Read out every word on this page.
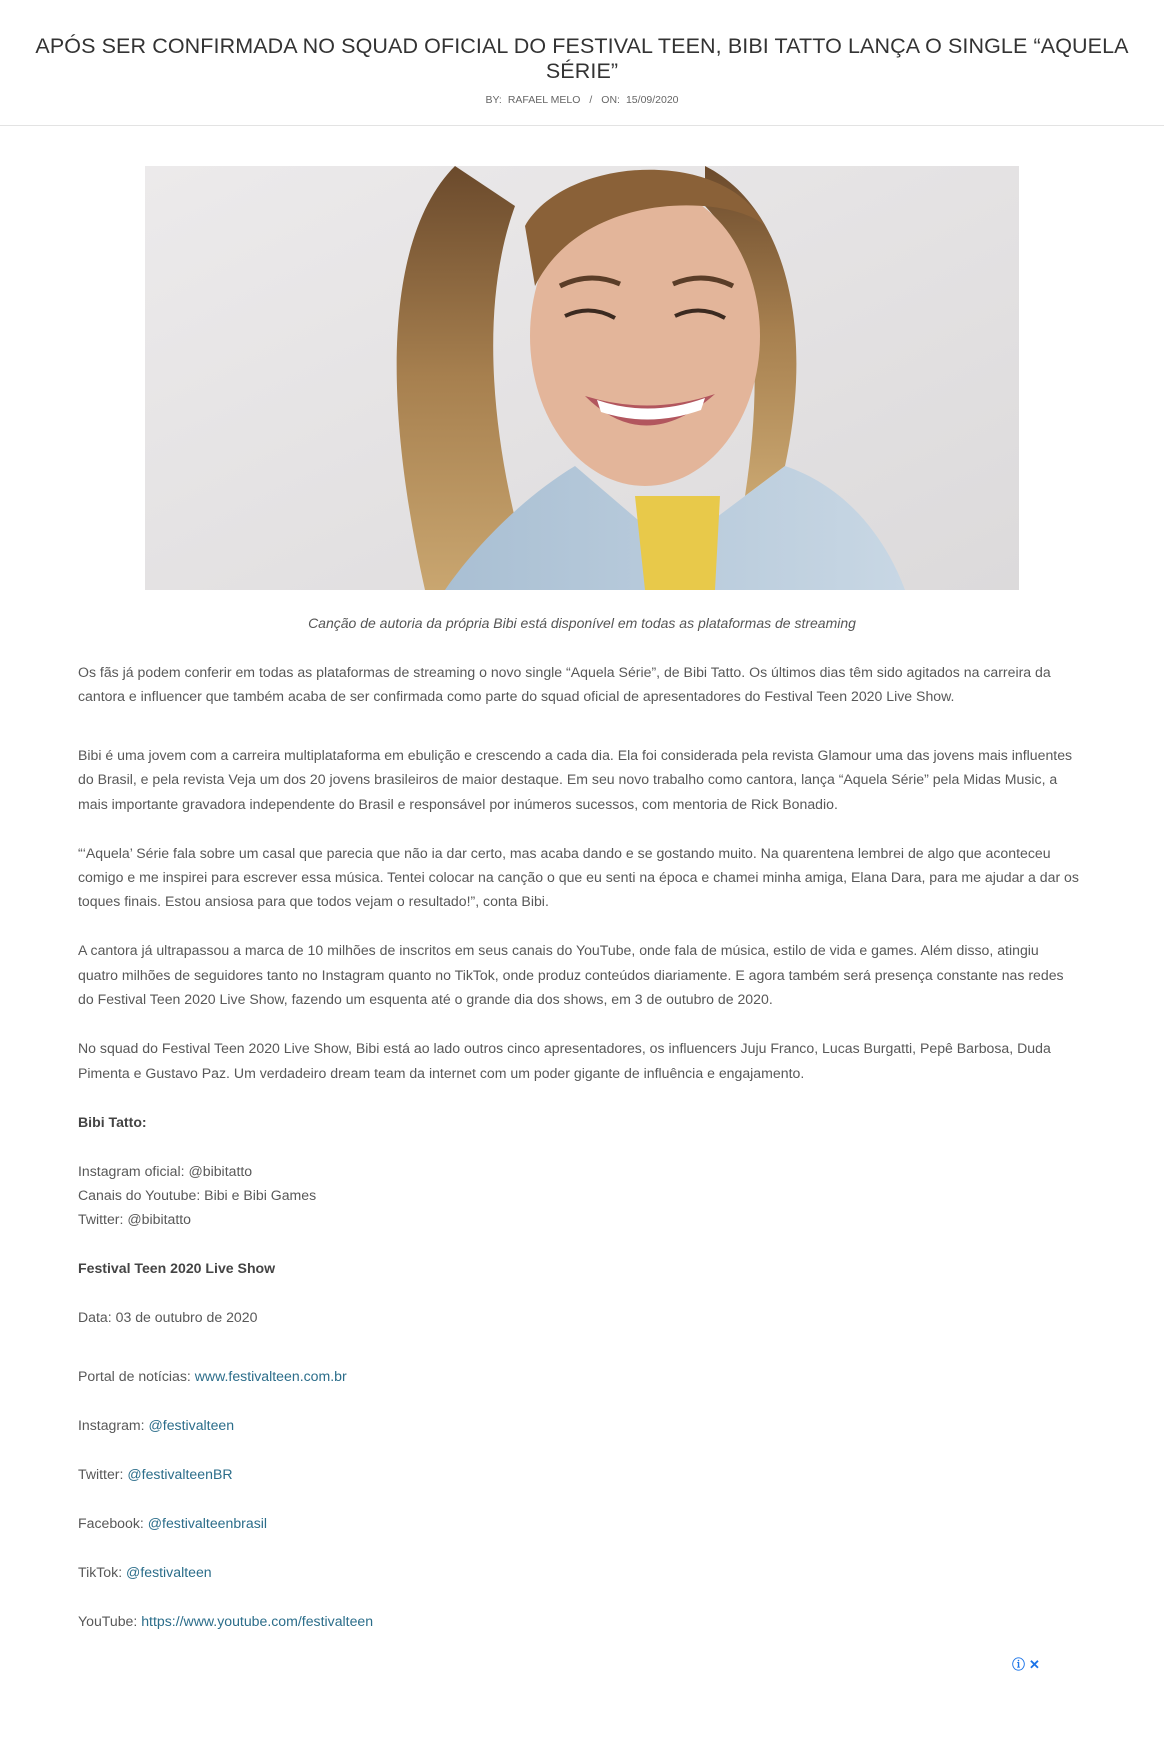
APÓS SER CONFIRMADA NO SQUAD OFICIAL DO FESTIVAL TEEN, BIBI TATTO LANÇA O SINGLE “AQUELA SÉRIE”
BY: RAFAEL MELO / ON: 15/09/2020
Canção de autoria da própria Bibi está disponível em todas as plataformas de streaming

Os fãs já podem conferir em todas as plataformas de streaming o novo single “Aquela Série”, de Bibi Tatto. Os últimos dias têm sido agitados na carreira da cantora e influencer que também acaba de ser confirmada como parte do squad oficial de apresentadores do Festival Teen 2020 Live Show.

Bibi é uma jovem com a carreira multiplataforma em ebulição e crescendo a cada dia. Ela foi considerada pela revista Glamour uma das jovens mais influentes do Brasil, e pela revista Veja um dos 20 jovens brasileiros de maior destaque. Em seu novo trabalho como cantora, lança “Aquela Série” pela Midas Music, a mais importante gravadora independente do Brasil e responsável por inúmeros sucessos, com mentoria de Rick Bonadio.

“‘Aquela’ Série fala sobre um casal que parecia que não ia dar certo, mas acaba dando e se gostando muito. Na quarentena lembrei de algo que aconteceu comigo e me inspirei para escrever essa música. Tentei colocar na canção o que eu senti na época e chamei minha amiga, Elana Dara, para me ajudar a dar os toques finais. Estou ansiosa para que todos vejam o resultado!”, conta Bibi.

A cantora já ultrapassou a marca de 10 milhões de inscritos em seus canais do YouTube, onde fala de música, estilo de vida e games. Além disso, atingiu quatro milhões de seguidores tanto no Instagram quanto no TikTok, onde produz conteúdos diariamente. E agora também será presença constante nas redes do Festival Teen 2020 Live Show, fazendo um esquenta até o grande dia dos shows, em 3 de outubro de 2020.

No squad do Festival Teen 2020 Live Show, Bibi está ao lado outros cinco apresentadores, os influencers Juju Franco, Lucas Burgatti, Pepê Barbosa, Duda Pimenta e Gustavo Paz. Um verdadeiro dream team da internet com um poder gigante de influência e engajamento.

Bibi Tatto:

Instagram oficial: @bibitatto
Canais do Youtube: Bibi e Bibi Games
Twitter: @bibitatto

Festival Teen 2020 Live Show

Data: 03 de outubro de 2020

Portal de notícias: www.festivalteen.com.br

Instagram: @festivalteen

Twitter: @festivalteenBR

Facebook: @festivalteenbrasil

TikTok: @festivalteen

YouTube: https://www.youtube.com/festivalteen

ⓘ ✕
